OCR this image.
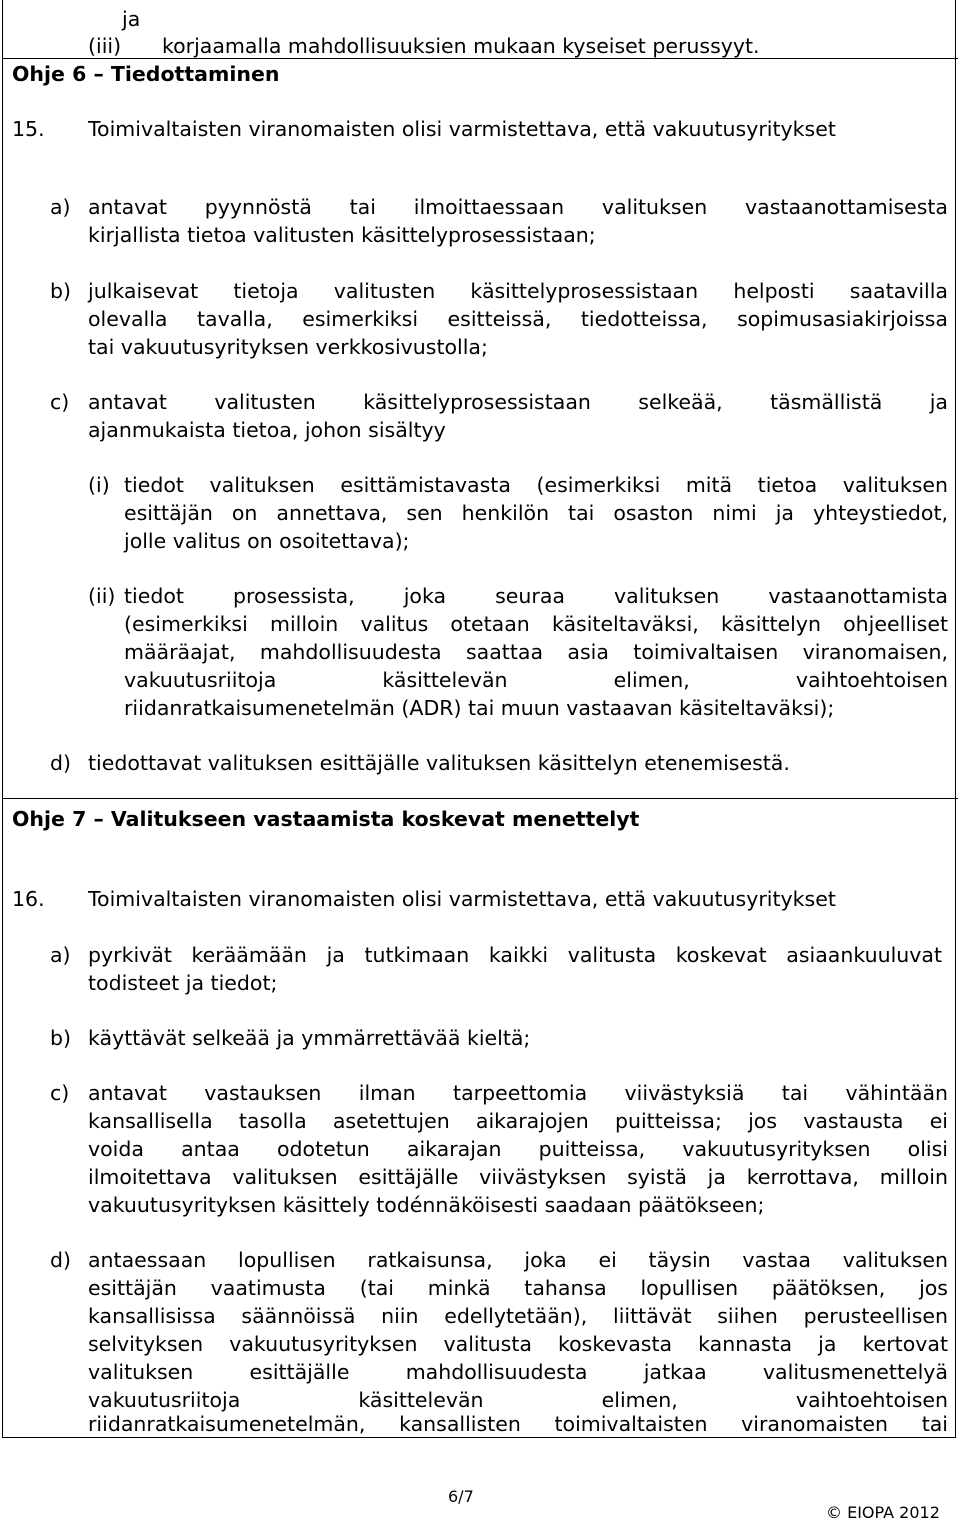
ja
(iii) korjaamalla mahdollisuuksien mukaan kyseiset perussyyt.
Ohje 6 – Tiedottaminen
15. Toimivaltaisten viranomaisten olisi varmistettava, että vakuutusyritykset
a) antavat pyynnöstä tai ilmoittaessaan valituksen vastaanottamisesta
kirjallista tietoa valitusten käsittelyprosessistaan;
b) julkaisevat tietoja valitusten käsittelyprosessistaan helposti saatavilla
olevalla tavalla, esimerkiksi esitteissä, tiedotteissa, sopimusasiakirjoissa
tai vakuutusyrityksen verkkosivustolla;
c) antavat valitusten käsittelyprosessistaan selkeää, täsmällistä ja
ajanmukaista tietoa, johon sisältyy
(i) tiedot valituksen esittämistavasta (esimerkiksi mitä tietoa valituksen
esittäjän on annettava, sen henkilön tai osaston nimi ja yhteystiedot,
jolle valitus on osoitettava);
(ii) tiedot prosessista, joka seuraa valituksen vastaanottamista
(esimerkiksi milloin valitus otetaan käsiteltaväksi, käsittelyn ohjeelliset
määräajat, mahdollisuudesta saattaa asia toimivaltaisen viranomaisen,
vakuutusriitoja käsittelevän elimen, vaihtoehtoisen
riidanratkaisumenetelmän (ADR) tai muun vastaavan käsiteltaväksi);
d) tiedottavat valituksen esittäjälle valituksen käsittelyn etenemisestä.
Ohje 7 – Valitukseen vastaamista koskevat menettelyt
16. Toimivaltaisten viranomaisten olisi varmistettava, että vakuutusyritykset
a) pyrkivät keräämään ja tutkimaan kaikki valitusta koskevat asiaankuuluvat
todisteet ja tiedot;
b) käyttävät selkeää ja ymmärrettävää kieltä;
c) antavat vastauksen ilman tarpeettomia viivästyksiä tai vähintään
kansallisella tasolla asetettujen aikarajojen puitteissa; jos vastausta ei
voida antaa odotetun aikarajan puitteissa, vakuutusyrityksen olisi
ilmoitettava valituksen esittäjälle viivästyksen syistä ja kerrottava, milloin
vakuutusyrityksen käsittely todénnäköisesti saadaan päätökseen;
d) antaessaan lopullisen ratkaisunsa, joka ei täysin vastaa valituksen
esittäjän vaatimusta (tai minkä tahansa lopullisen päätöksen, jos
kansallisissa säännöissä niin edellytetään), liittävät siihen perusteellisen
selvityksen vakuutusyrityksen valitusta koskevasta kannasta ja kertovat
valituksen esittäjälle mahdollisuudesta jatkaa valitusmenettelyä
vakuutusriitoja käsittelevän elimen, vaihtoehtoisen
riidanratkaisumenetelmän, kansallisten toimivaltaisten viranomaisten tai
6/7
© EIOPA 2012
